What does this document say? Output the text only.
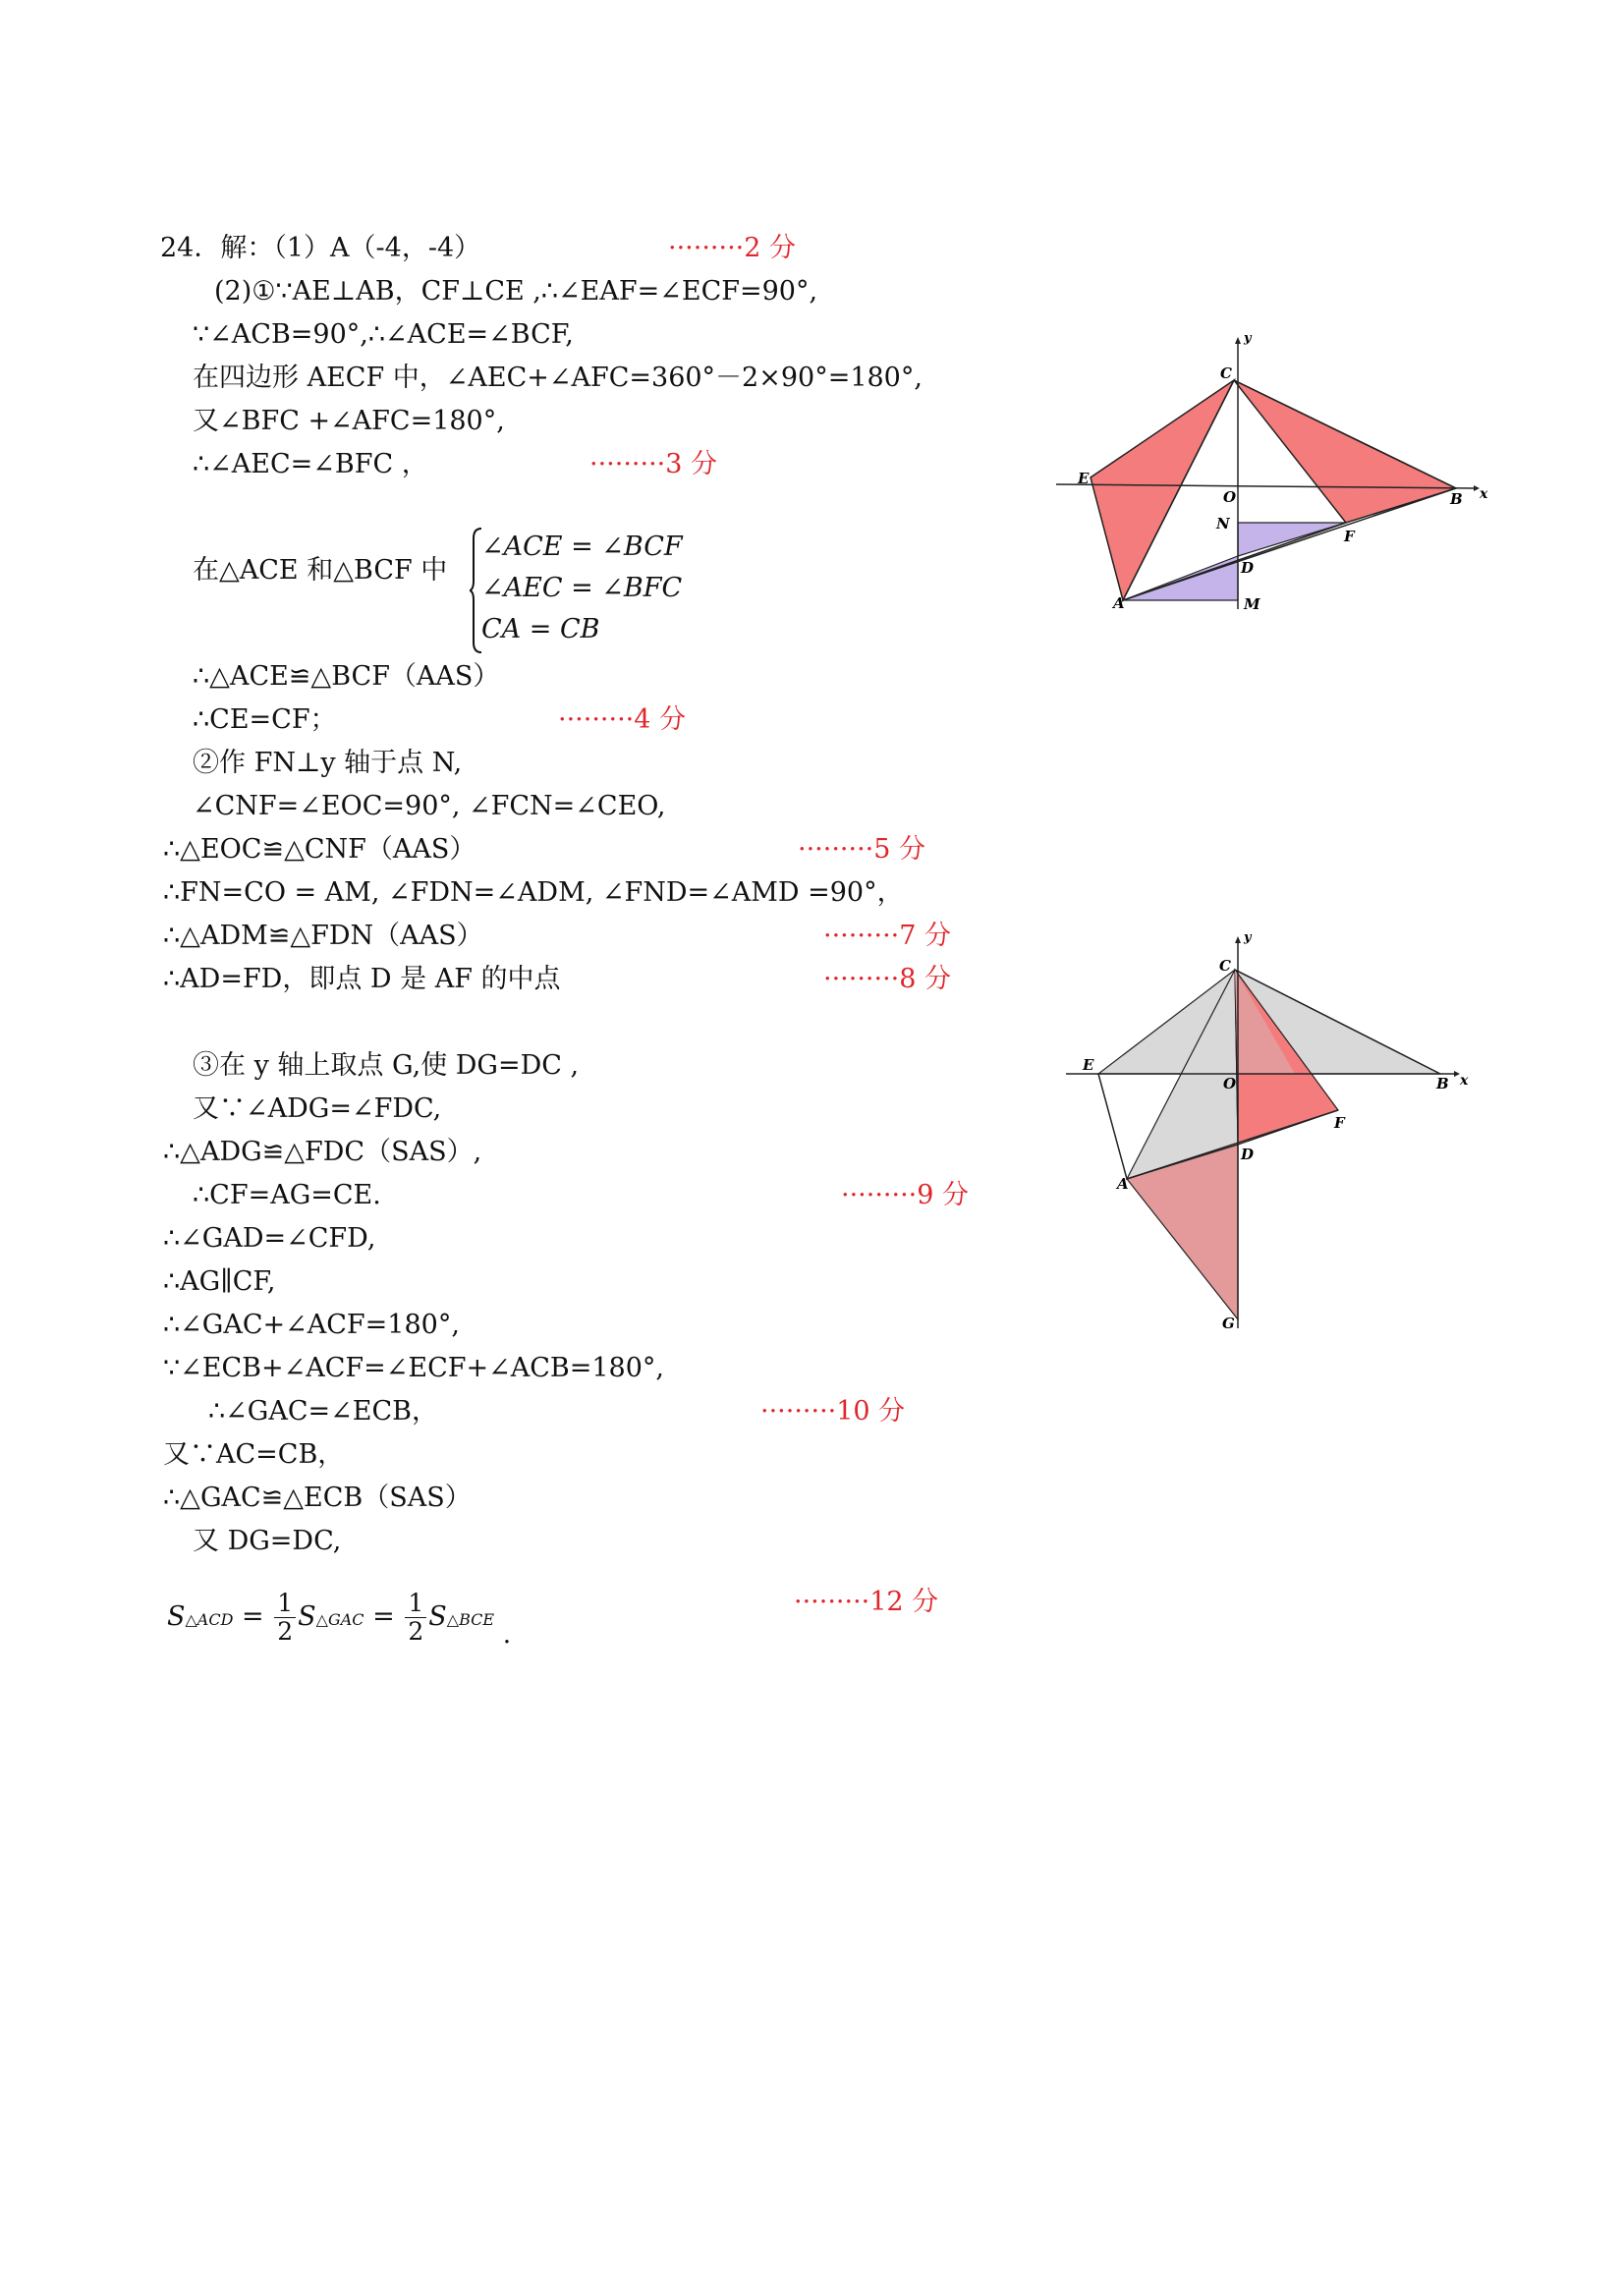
24．解：（1）A（-4，-4）
(2)①∵AE⊥AB，CF⊥CE ,∴∠EAF=∠ECF=90°,
∵∠ACB=90°,∴∠ACE=∠BCF,
在四边形 AECF 中，∠AEC+∠AFC=360°－2×90°=180°,
又∠BFC +∠AFC=180°,
∴∠AEC=∠BFC ，
在△ACE 和△BCF 中
∴△ACE≌△BCF（AAS）
∴CE=CF；
②作 FN⊥y 轴于点 N,
∠CNF=∠EOC=90°, ∠FCN=∠CEO,
∴△EOC≌△CNF（AAS）
∴FN=CO = AM, ∠FDN=∠ADM, ∠FND=∠AMD =90°，
∴△ADM≌△FDN（AAS）
∴AD=FD，即点 D 是 AF 的中点
③在 y 轴上取点 G,使 DG=DC ,
又∵∠ADG=∠FDC,
∴△ADG≌△FDC（SAS）,
∴CF=AG=CE.
∴∠GAD=∠CFD,
∴AG∥CF,
∴∠GAC+∠ACF=180°,
∵∠ECB+∠ACF=∠ECF+∠ACB=180°,
∴∠GAC=∠ECB，
又∵AC=CB，
∴△GAC≌△ECB（SAS）
又 DG=DC,
·········2 分
·········3 分
·········4 分
·········5 分
·········7 分
·········8 分
·········9 分
·········10 分
·········12 分
∠ACE = ∠BCF
∠AEC = ∠BFC
CA = CB
S△ACD = $\frac{1}{2}$ S△GAC = $\frac{1}{2}$ S△BCE .
y
C
E
O	B x
N
F
D
A	M
y
C
E
O	B x
F
D
A
G
